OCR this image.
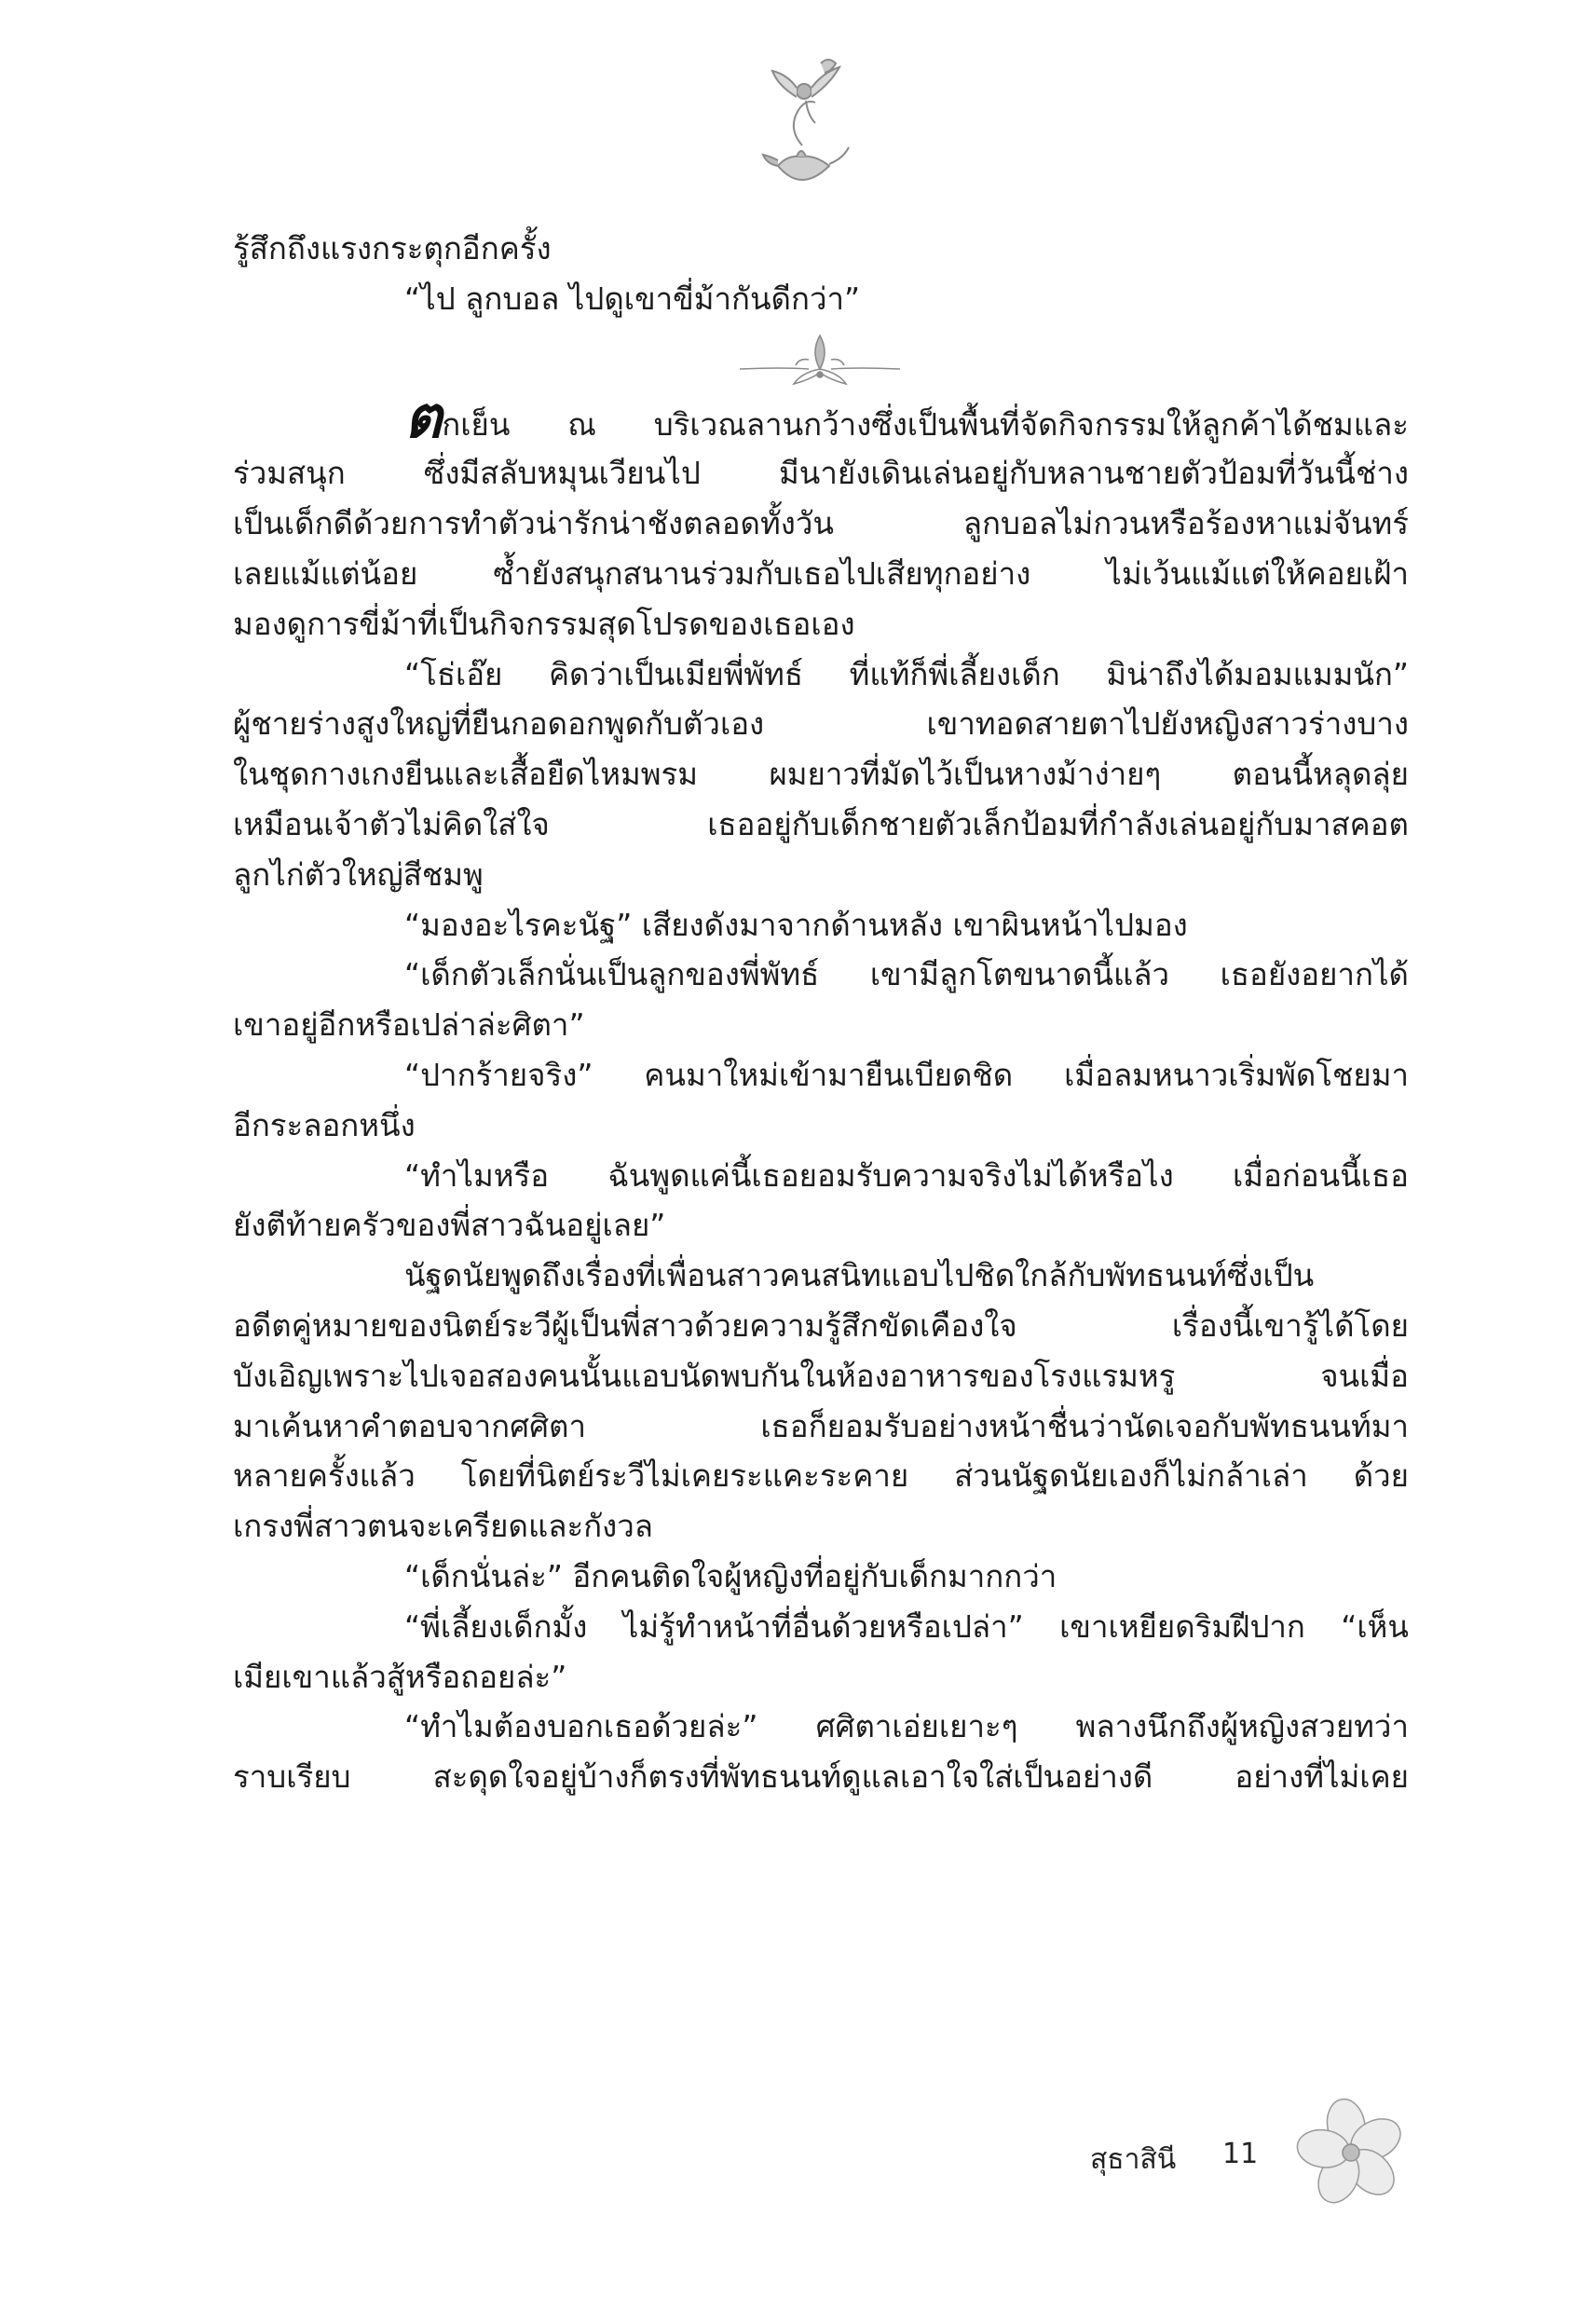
รู้สึกถึงแรงกระตุกอีกครั้ง
“ไป ลูกบอล ไปดูเขาขี่ม้ากันดีกว่า”
ตกเย็น ณ บริเวณลานกว้างซึ่งเป็นพื้นที่จัดกิจกรรมให้ลูกค้าได้ชมและ
ร่วมสนุก ซึ่งมีสลับหมุนเวียนไป มีนายังเดินเล่นอยู่กับหลานชายตัวป้อมที่วันนี้ช่าง
เป็นเด็กดีด้วยการทำตัวน่ารักน่าชังตลอดทั้งวัน ลูกบอลไม่กวนหรือร้องหาแม่จันทร์
เลยแม้แต่น้อย ซ้ำยังสนุกสนานร่วมกับเธอไปเสียทุกอย่าง ไม่เว้นแม้แต่ให้คอยเฝ้า
มองดูการขี่ม้าที่เป็นกิจกรรมสุดโปรดของเธอเอง
“โธ่เอ๊ย คิดว่าเป็นเมียพี่พัทธ์ ที่แท้ก็พี่เลี้ยงเด็ก มิน่าถึงได้มอมแมมนัก”
ผู้ชายร่างสูงใหญ่ที่ยืนกอดอกพูดกับตัวเอง เขาทอดสายตาไปยังหญิงสาวร่างบาง
ในชุดกางเกงยีนและเสื้อยืดไหมพรม ผมยาวที่มัดไว้เป็นหางม้าง่ายๆ ตอนนี้หลุดลุ่ย
เหมือนเจ้าตัวไม่คิดใส่ใจ เธออยู่กับเด็กชายตัวเล็กป้อมที่กำลังเล่นอยู่กับมาสคอต
ลูกไก่ตัวใหญ่สีชมพู
“มองอะไรคะนัฐ” เสียงดังมาจากด้านหลัง เขาผินหน้าไปมอง
“เด็กตัวเล็กนั่นเป็นลูกของพี่พัทธ์ เขามีลูกโตขนาดนี้แล้ว เธอยังอยากได้
เขาอยู่อีกหรือเปล่าล่ะศิตา”
“ปากร้ายจริง” คนมาใหม่เข้ามายืนเบียดชิด เมื่อลมหนาวเริ่มพัดโชยมา
อีกระลอกหนึ่ง
“ทำไมหรือ ฉันพูดแค่นี้เธอยอมรับความจริงไม่ได้หรือไง เมื่อก่อนนี้เธอ
ยังตีท้ายครัวของพี่สาวฉันอยู่เลย”
นัฐดนัยพูดถึงเรื่องที่เพื่อนสาวคนสนิทแอบไปชิดใกล้กับพัทธนนท์ซึ่งเป็น
อดีตคู่หมายของนิตย์ระวีผู้เป็นพี่สาวด้วยความรู้สึกขัดเคืองใจ เรื่องนี้เขารู้ได้โดย
บังเอิญเพราะไปเจอสองคนนั้นแอบนัดพบกันในห้องอาหารของโรงแรมหรู จนเมื่อ
มาเค้นหาคำตอบจากศศิตา เธอก็ยอมรับอย่างหน้าชื่นว่านัดเจอกับพัทธนนท์มา
หลายครั้งแล้ว โดยที่นิตย์ระวีไม่เคยระแคะระคาย ส่วนนัฐดนัยเองก็ไม่กล้าเล่า ด้วย
เกรงพี่สาวตนจะเครียดและกังวล
“เด็กนั่นล่ะ” อีกคนติดใจผู้หญิงที่อยู่กับเด็กมากกว่า
“พี่เลี้ยงเด็กมั้ง ไม่รู้ทำหน้าที่อื่นด้วยหรือเปล่า” เขาเหยียดริมฝีปาก “เห็น
เมียเขาแล้วสู้หรือถอยล่ะ”
“ทำไมต้องบอกเธอด้วยล่ะ” ศศิตาเอ่ยเยาะๆ พลางนึกถึงผู้หญิงสวยทว่า
ราบเรียบ สะดุดใจอยู่บ้างก็ตรงที่พัทธนนท์ดูแลเอาใจใส่เป็นอย่างดี อย่างที่ไม่เคย
สุธาสินี 11
